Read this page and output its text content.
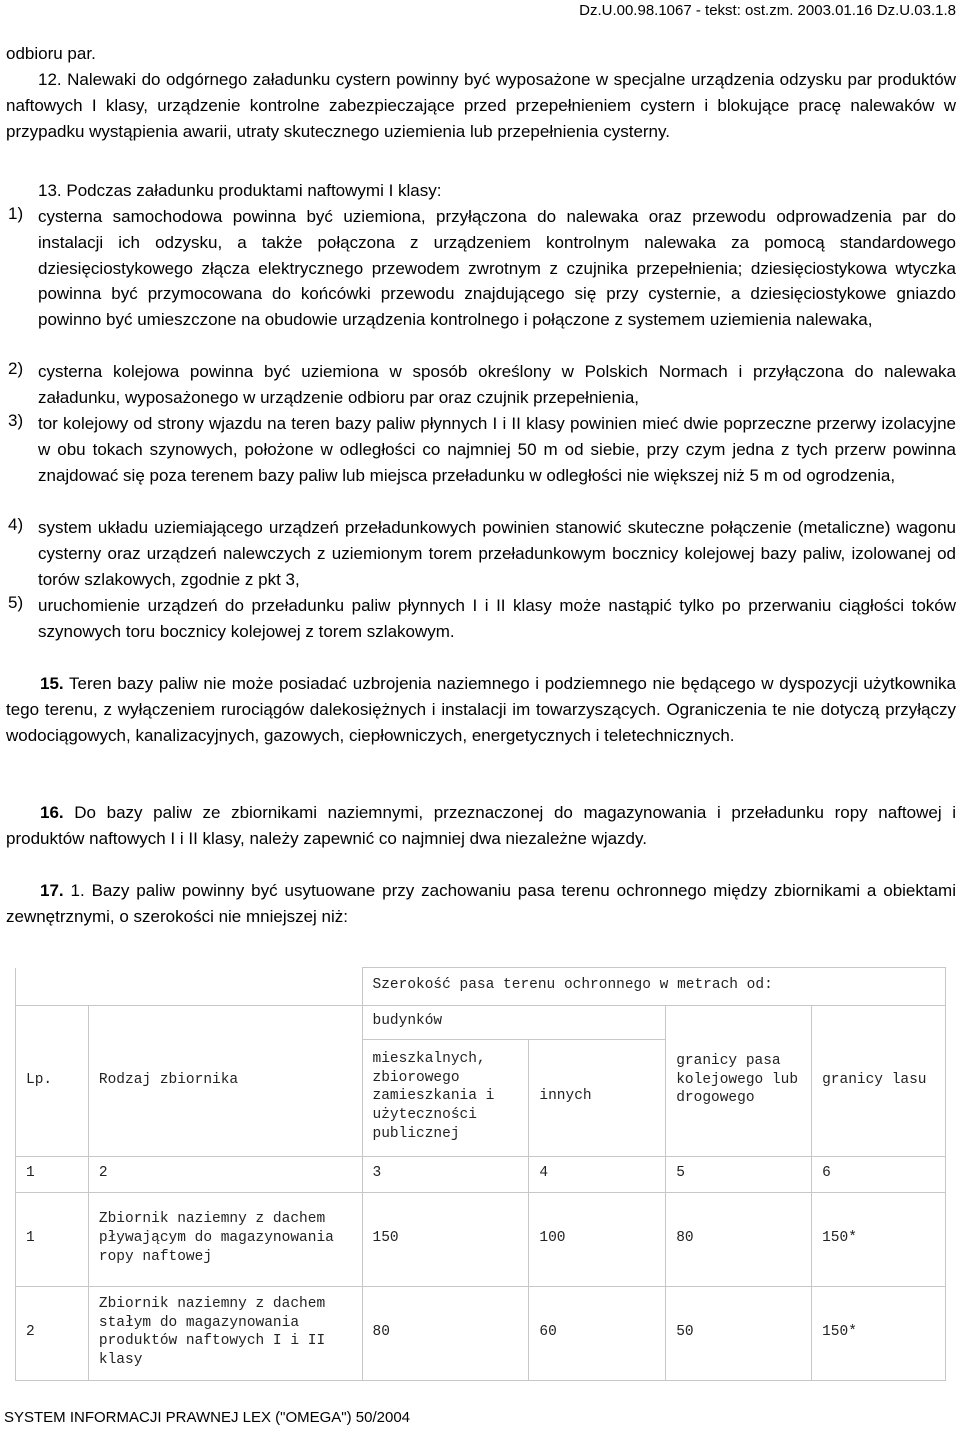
Dz.U.00.98.1067 - tekst: ost.zm. 2003.01.16 Dz.U.03.1.8
odbioru par.
12. Nalewaki do odgórnego załadunku cystern powinny być wyposażone w specjalne urządzenia odzysku par produktów naftowych I klasy, urządzenie kontrolne zabezpieczające przed przepełnieniem cystern i blokujące pracę nalewaków w przypadku wystąpienia awarii, utraty skutecznego uziemienia lub przepełnienia cysterny.
13. Podczas załadunku produktami naftowymi I klasy:
1) cysterna samochodowa powinna być uziemiona, przyłączona do nalewaka oraz przewodu odprowadzenia par do instalacji ich odzysku, a także połączona z urządzeniem kontrolnym nalewaka za pomocą standardowego dziesięciostykowego złącza elektrycznego przewodem zwrotnym z czujnika przepełnienia; dziesięciostykowa wtyczka powinna być przymocowana do końcówki przewodu znajdującego się przy cysternie, a dziesięciostykowe gniazdo powinno być umieszczone na obudowie urządzenia kontrolnego i połączone z systemem uziemienia nalewaka,
2) cysterna kolejowa powinna być uziemiona w sposób określony w Polskich Normach i przyłączona do nalewaka załadunku, wyposażonego w urządzenie odbioru par oraz czujnik przepełnienia,
3) tor kolejowy od strony wjazdu na teren bazy paliw płynnych I i II klasy powinien mieć dwie poprzeczne przerwy izolacyjne w obu tokach szynowych, położone w odległości co najmniej 50 m od siebie, przy czym jedna z tych przerw powinna znajdować się poza terenem bazy paliw lub miejsca przeładunku w odległości nie większej niż 5 m od ogrodzenia,
4) system układu uziemiającego urządzeń przeładunkowych powinien stanowić skuteczne połączenie (metaliczne) wagonu cysterny oraz urządzeń nalewczych z uziemionym torem przeładunkowym bocznicy kolejowej bazy paliw, izolowanej od torów szlakowych, zgodnie z pkt 3,
5) uruchomienie urządzeń do przeładunku paliw płynnych I i II klasy może nastąpić tylko po przerwaniu ciągłości toków szynowych toru bocznicy kolejowej z torem szlakowym.
15. Teren bazy paliw nie może posiadać uzbrojenia naziemnego i podziemnego nie będącego w dyspozycji użytkownika tego terenu, z wyłączeniem rurociągów dalekosiężnych i instalacji im towarzyszących. Ograniczenia te nie dotyczą przyłączy wodociągowych, kanalizacyjnych, gazowych, ciepłowniczych, energetycznych i teletechnicznych.
16. Do bazy paliw ze zbiornikami naziemnymi, przeznaczonej do magazynowania i przeładunku ropy naftowej i produktów naftowych I i II klasy, należy zapewnić co najmniej dwa niezależne wjazdy.
17. 1. Bazy paliw powinny być usytuowane przy zachowaniu pasa terenu ochronnego między zbiornikami a obiektami zewnętrznymi, o szerokości nie mniejszej niż:
		Szerokość pasa terenu ochronnego w metrach od:			
Lp.	Rodzaj zbiornika	budynków		granicy pasa kolejowego lub drogowego	granicy lasu
		mieszkalnych, zbiorowego zamieszkania i użyteczności publicznej	innych		
1	2	3	4	5	6
1	Zbiornik naziemny z dachem pływającym do magazynowania ropy naftowej	150	100	80	150*
2	Zbiornik naziemny z dachem stałym do magazynowania produktów naftowych I i II klasy	80	60	50	150*
SYSTEM INFORMACJI PRAWNEJ LEX ("OMEGA") 50/2004
